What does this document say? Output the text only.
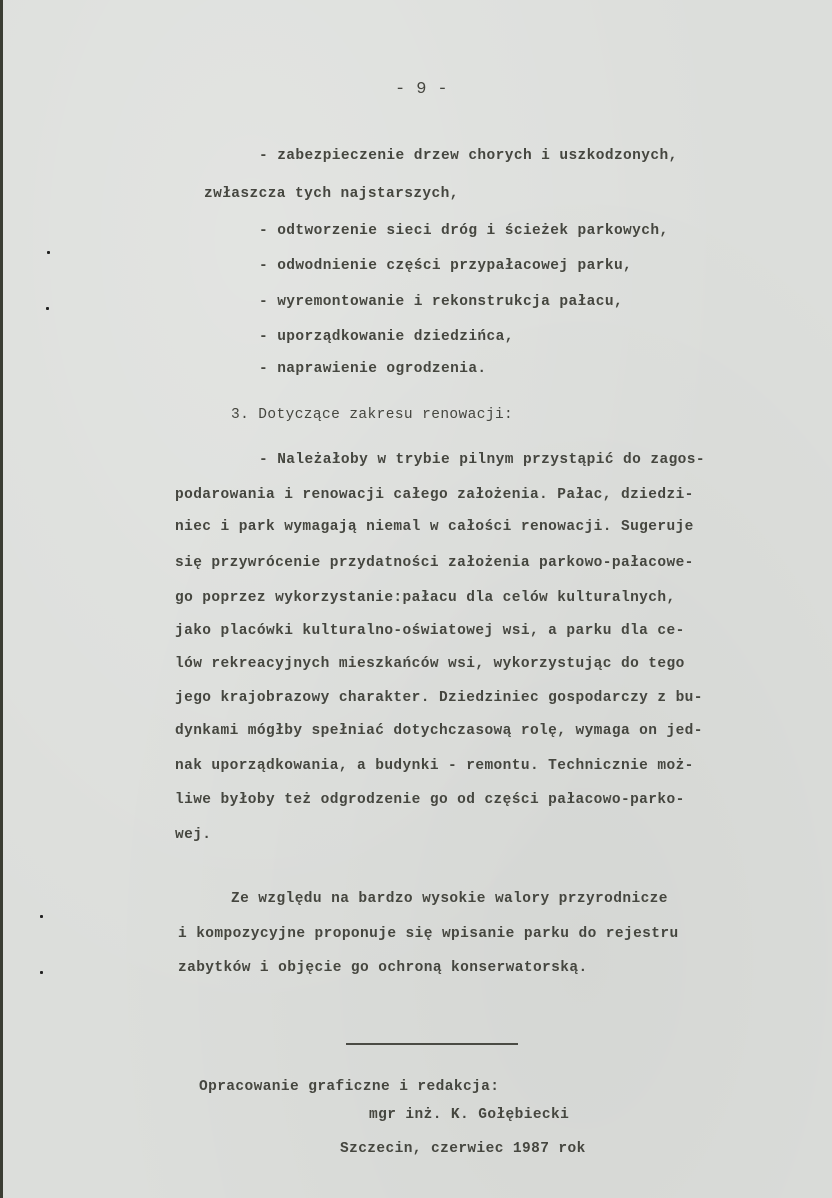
- 9 -
- zabezpieczenie drzew chorych i uszkodzonych,
zwłaszcza tych najstarszych,
- odtworzenie sieci dróg i ścieżek parkowych,
- odwodnienie części przypałacowej parku,
- wyremontowanie i rekonstrukcja pałacu,
- uporządkowanie dziedzińca,
- naprawienie ogrodzenia.
3. Dotyczące zakresu renowacji:
- Należałoby w trybie pilnym przystąpić do zagos-
podarowania i renowacji całego założenia. Pałac, dziedzi-
niec i park wymagają niemal w całości renowacji. Sugeruje
się przywrócenie przydatności założenia parkowo-pałacowe-
go poprzez wykorzystanie:pałacu dla celów kulturalnych,
jako placówki kulturalno-oświatowej wsi, a parku dla ce-
lów rekreacyjnych mieszkańców wsi, wykorzystując do tego
jego krajobrazowy charakter. Dziedziniec gospodarczy z bu-
dynkami mógłby spełniać dotychczasową rolę, wymaga on jed-
nak uporządkowania, a budynki - remontu. Technicznie moż-
liwe byłoby też odgrodzenie go od części pałacowo-parko-
wej.
Ze względu na bardzo wysokie walory przyrodnicze
i kompozycyjne proponuje się wpisanie parku do rejestru
zabytków i objęcie go ochroną konserwatorską.
Opracowanie graficzne i redakcja:
mgr inż. K. Gołębiecki
Szczecin, czerwiec 1987 rok
